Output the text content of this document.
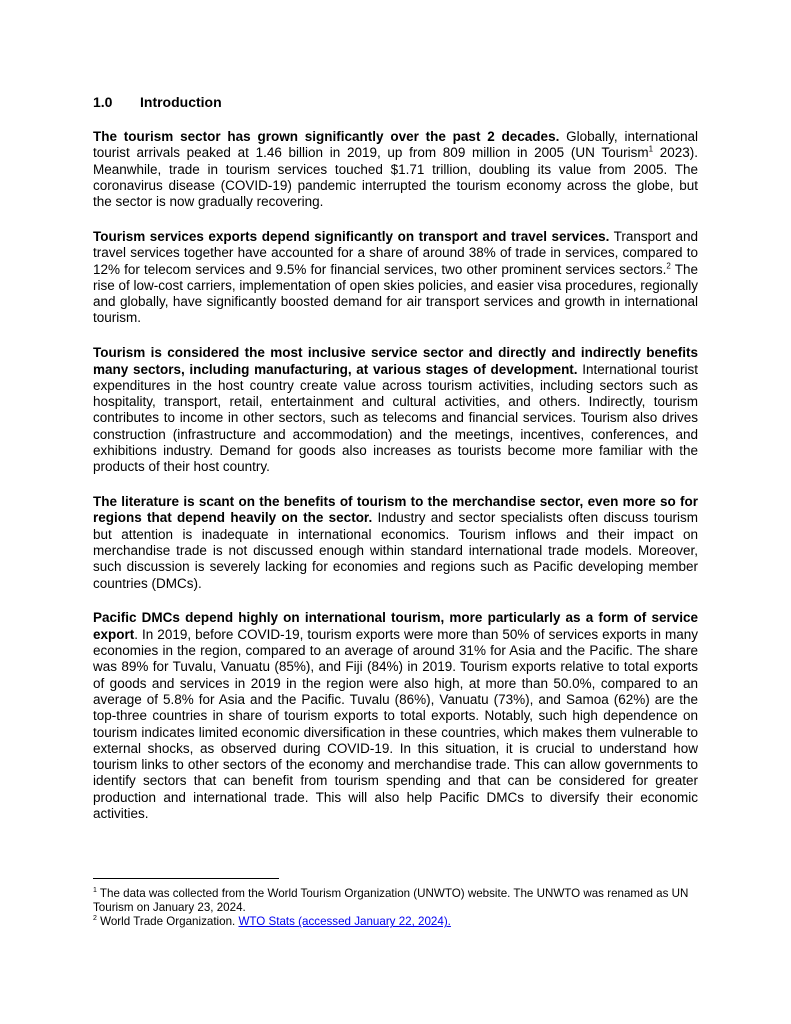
1.0	Introduction

The tourism sector has grown significantly over the past 2 decades. Globally, international tourist arrivals peaked at 1.46 billion in 2019, up from 809 million in 2005 (UN Tourism$^1$ 2023). Meanwhile, trade in tourism services touched $1.71 trillion, doubling its value from 2005. The coronavirus disease (COVID-19) pandemic interrupted the tourism economy across the globe, but the sector is now gradually recovering.

Tourism services exports depend significantly on transport and travel services. Transport and travel services together have accounted for a share of around 38% of trade in services, compared to 12% for telecom services and 9.5% for financial services, two other prominent services sectors.$^2$ The rise of low-cost carriers, implementation of open skies policies, and easier visa procedures, regionally and globally, have significantly boosted demand for air transport services and growth in international tourism.

Tourism is considered the most inclusive service sector and directly and indirectly benefits many sectors, including manufacturing, at various stages of development. International tourist expenditures in the host country create value across tourism activities, including sectors such as hospitality, transport, retail, entertainment and cultural activities, and others. Indirectly, tourism contributes to income in other sectors, such as telecoms and financial services. Tourism also drives construction (infrastructure and accommodation) and the meetings, incentives, conferences, and exhibitions industry. Demand for goods also increases as tourists become more familiar with the products of their host country.

The literature is scant on the benefits of tourism to the merchandise sector, even more so for regions that depend heavily on the sector. Industry and sector specialists often discuss tourism but attention is inadequate in international economics. Tourism inflows and their impact on merchandise trade is not discussed enough within standard international trade models. Moreover, such discussion is severely lacking for economies and regions such as Pacific developing member countries (DMCs).

Pacific DMCs depend highly on international tourism, more particularly as a form of service export. In 2019, before COVID-19, tourism exports were more than 50% of services exports in many economies in the region, compared to an average of around 31% for Asia and the Pacific. The share was 89% for Tuvalu, Vanuatu (85%), and Fiji (84%) in 2019. Tourism exports relative to total exports of goods and services in 2019 in the region were also high, at more than 50.0%, compared to an average of 5.8% for Asia and the Pacific. Tuvalu (86%), Vanuatu (73%), and Samoa (62%) are the top-three countries in share of tourism exports to total exports. Notably, such high dependence on tourism indicates limited economic diversification in these countries, which makes them vulnerable to external shocks, as observed during COVID-19. In this situation, it is crucial to understand how tourism links to other sectors of the economy and merchandise trade. This can allow governments to identify sectors that can benefit from tourism spending and that can be considered for greater production and international trade. This will also help Pacific DMCs to diversify their economic activities.

$^1$ The data was collected from the World Tourism Organization (UNWTO) website. The UNWTO was renamed as UN Tourism on January 23, 2024.

$^2$ World Trade Organization. WTO Stats (accessed January 22, 2024).
